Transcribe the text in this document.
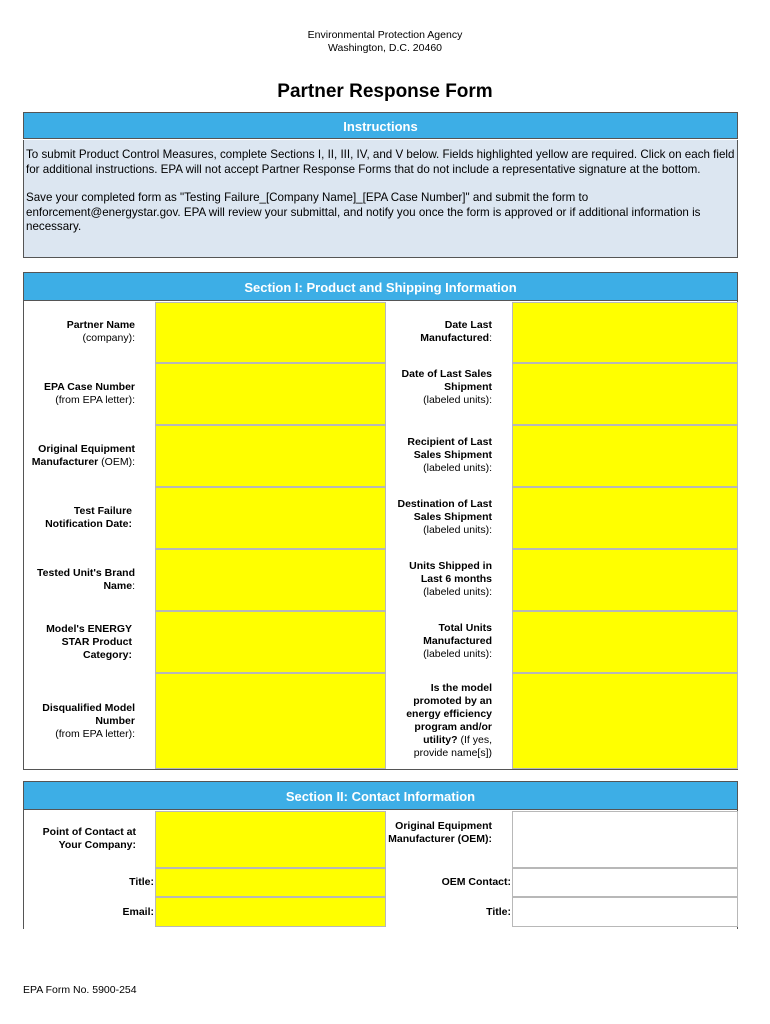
Environmental Protection Agency
Washington, D.C. 20460
Partner Response Form
Instructions

To submit Product Control Measures, complete Sections I, II, III, IV, and V below. Fields highlighted yellow are required. Click on each field for additional instructions. EPA will not accept Partner Response Forms that do not include a representative signature at the bottom.

Save your completed form as "Testing Failure_[Company Name]_[EPA Case Number]" and submit the form to enforcement@energystar.gov. EPA will review your submittal, and notify you once the form is approved or if additional information is necessary.

Section I: Product and Shipping Information
Partner Name
(company):
EPA Case Number
(from EPA letter):
Original Equipment Manufacturer (OEM):
Test Failure Notification Date:
Tested Unit's Brand Name:
Model's ENERGY STAR Product Category:
Disqualified Model Number
(from EPA letter):
Date Last Manufactured:
Date of Last Sales Shipment
(labeled units):
Recipient of Last Sales Shipment
(labeled units):
Destination of Last Sales Shipment
(labeled units):
Units Shipped in Last 6 months
(labeled units):
Total Units Manufactured
(labeled units):
Is the model promoted by an energy efficiency program and/or utility? (If yes, provide name[s])
Section II: Contact Information
Point of Contact at Your Company:
Title:
Email:
Original Equipment Manufacturer (OEM):
OEM Contact:
Title:
EPA Form No. 5900-254
